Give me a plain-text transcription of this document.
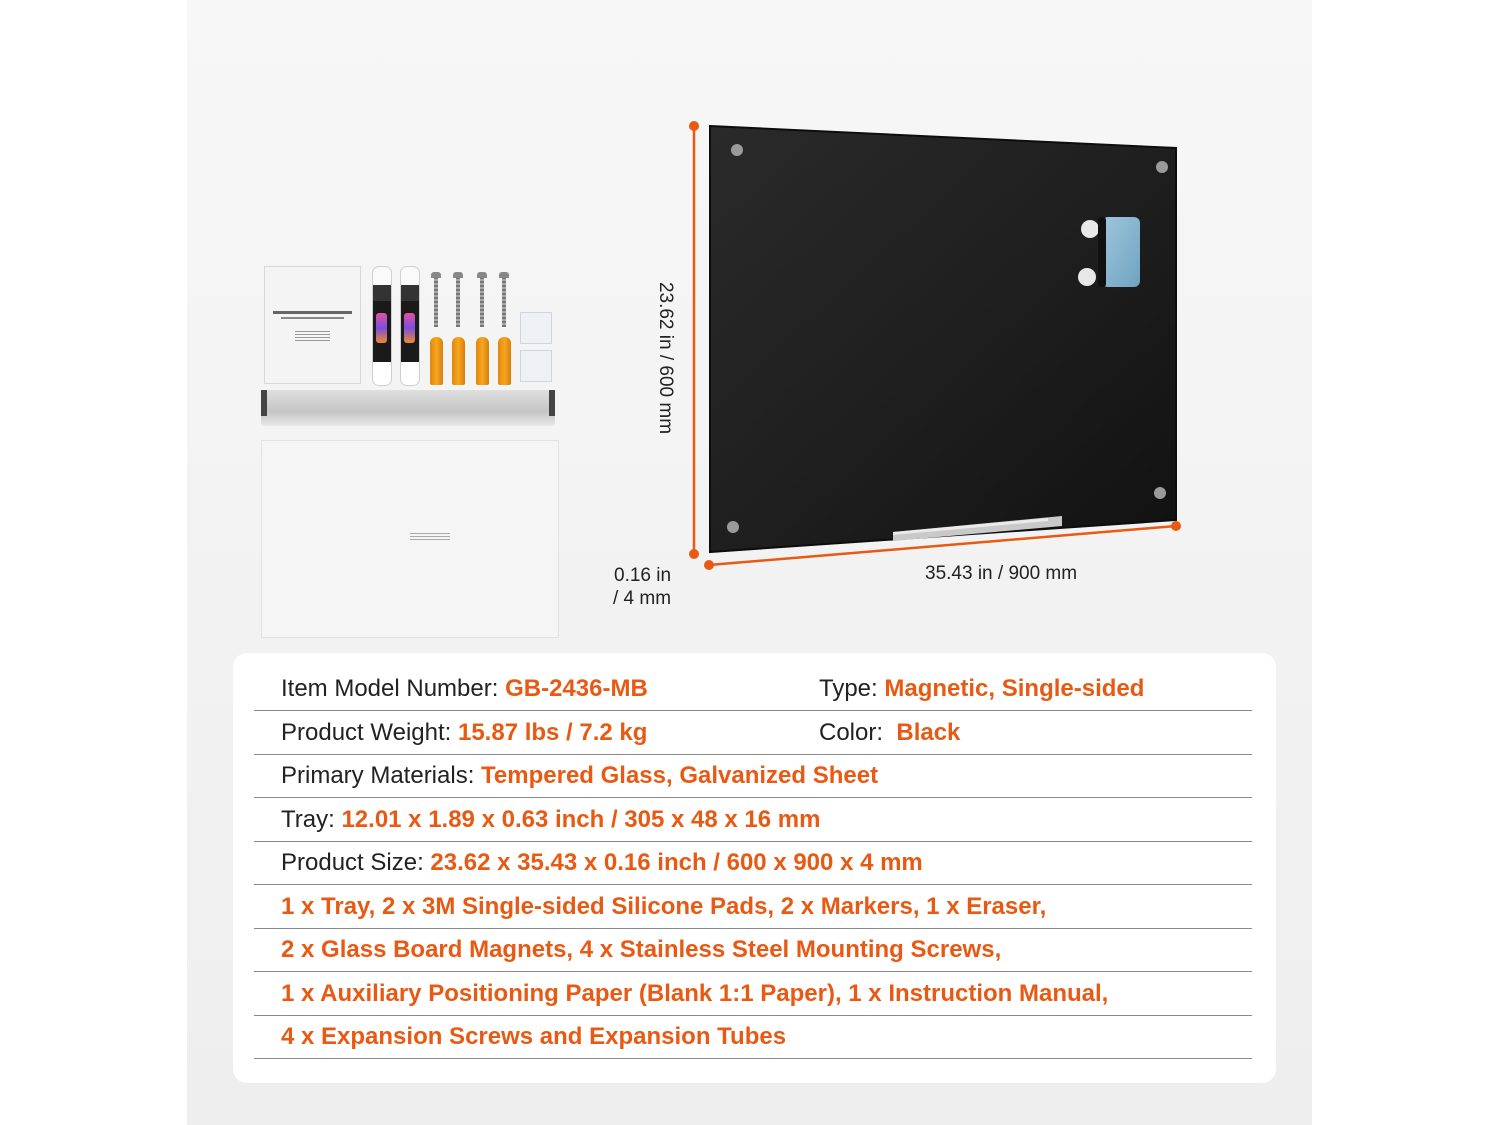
23.62 in / 600 mm
35.43 in / 900 mm
0.16 in
/ 4 mm
Item Model Number: GB-2436-MB	Type: Magnetic, Single-sided
Product Weight: 15.87 lbs / 7.2 kg	Color:  Black
Primary Materials: Tempered Glass, Galvanized Sheet
Tray: 12.01 x 1.89 x 0.63 inch / 305 x 48 x 16 mm
Product Size: 23.62 x 35.43 x 0.16 inch / 600 x 900 x 4 mm
1 x Tray, 2 x 3M Single-sided Silicone Pads, 2 x Markers, 1 x Eraser,
2 x Glass Board Magnets, 4 x Stainless Steel Mounting Screws,
1 x Auxiliary Positioning Paper (Blank 1:1 Paper), 1 x Instruction Manual,
4 x Expansion Screws and Expansion Tubes
